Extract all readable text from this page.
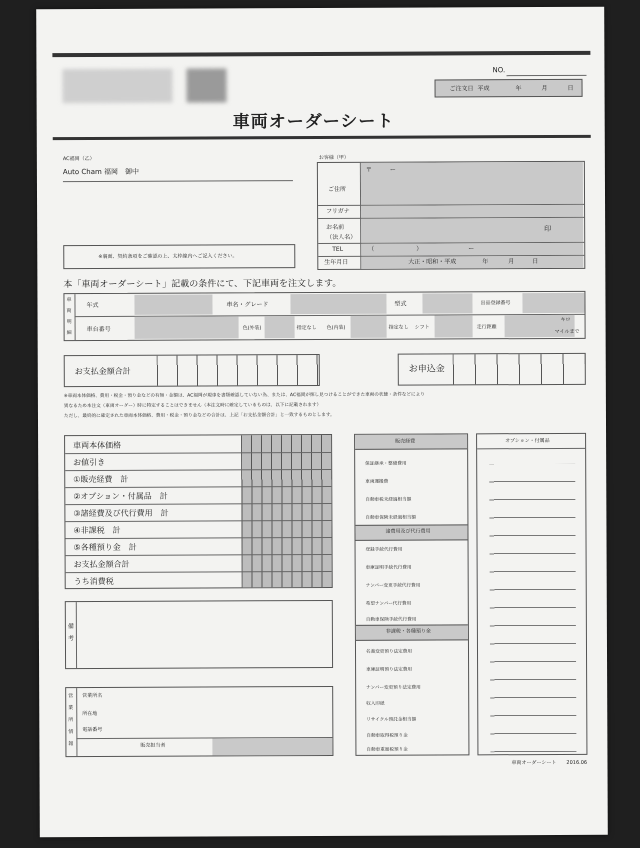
NO.
ご注文日 平成	年	月	日
車両オーダーシート
AC福岡（乙）
Auto Cham 福岡　御中
※裏面、契約条項をご確認の上、太枠線内へご記入ください。
お客様（甲）
〒　　　ー
ご住所
フリガナ
お名前
（法人名）
印
TEL	（	）	ー
生年月日	大正・昭和・平成	年	月	日
本「車両オーダーシート」記載の条件にて、下記車両を注文します。
車
両
明
細
年式	車名・グレード	型式	出品登録番号
車台番号	色(外装)	指定なし 色(内装)	指定なし シフト	走行距離
キロ
マイルまで
お支払金額合計	お申込金
※車両本体価格、費用・税金・預り金などの有無・金額は、AC福岡が現車を書類確認していない為、または、AC福岡が探し見つけることができた車両の状態・条件などにより
異なるため本注文（車両オーダー）時に特定することはできません（本注文時に確定しているものは、以下に記載されます）
ただし、最終的に確定された車両本体価格、費用・税金・預り金などの合計は、上記「お支払金額合計」と一致するものとします。
車両本体価格
お値引き
①販売経費　計
②オプション・付属品　計
③諸経費及び代行費用　計
④非課税　計
⑤各種預り金　計
お支払金額合計
うち消費税
備
考
営
業
所
情
報
営業所名
所在地
電話番号
販売担当者
販売経費
保証継承・整備費用
車両運搬費
自動車税未経過相当額
自動車保険未経過相当額
諸費用及び代行費用
登録手続代行費用
車庫証明手続代行費用
ナンバー変更手続代行費用
希望ナンバー代行費用
自動車保険手続代行費用
非課税・各種預り金
名義変更預り法定費用
車庫証明預り法定費用
ナンバー変更預り法定費用
収入印紙
リサイクル預託金相当額
自動車取得税預り金
自動車重量税預り金
オプション・付属品
車両オーダーシート　　2016.06
